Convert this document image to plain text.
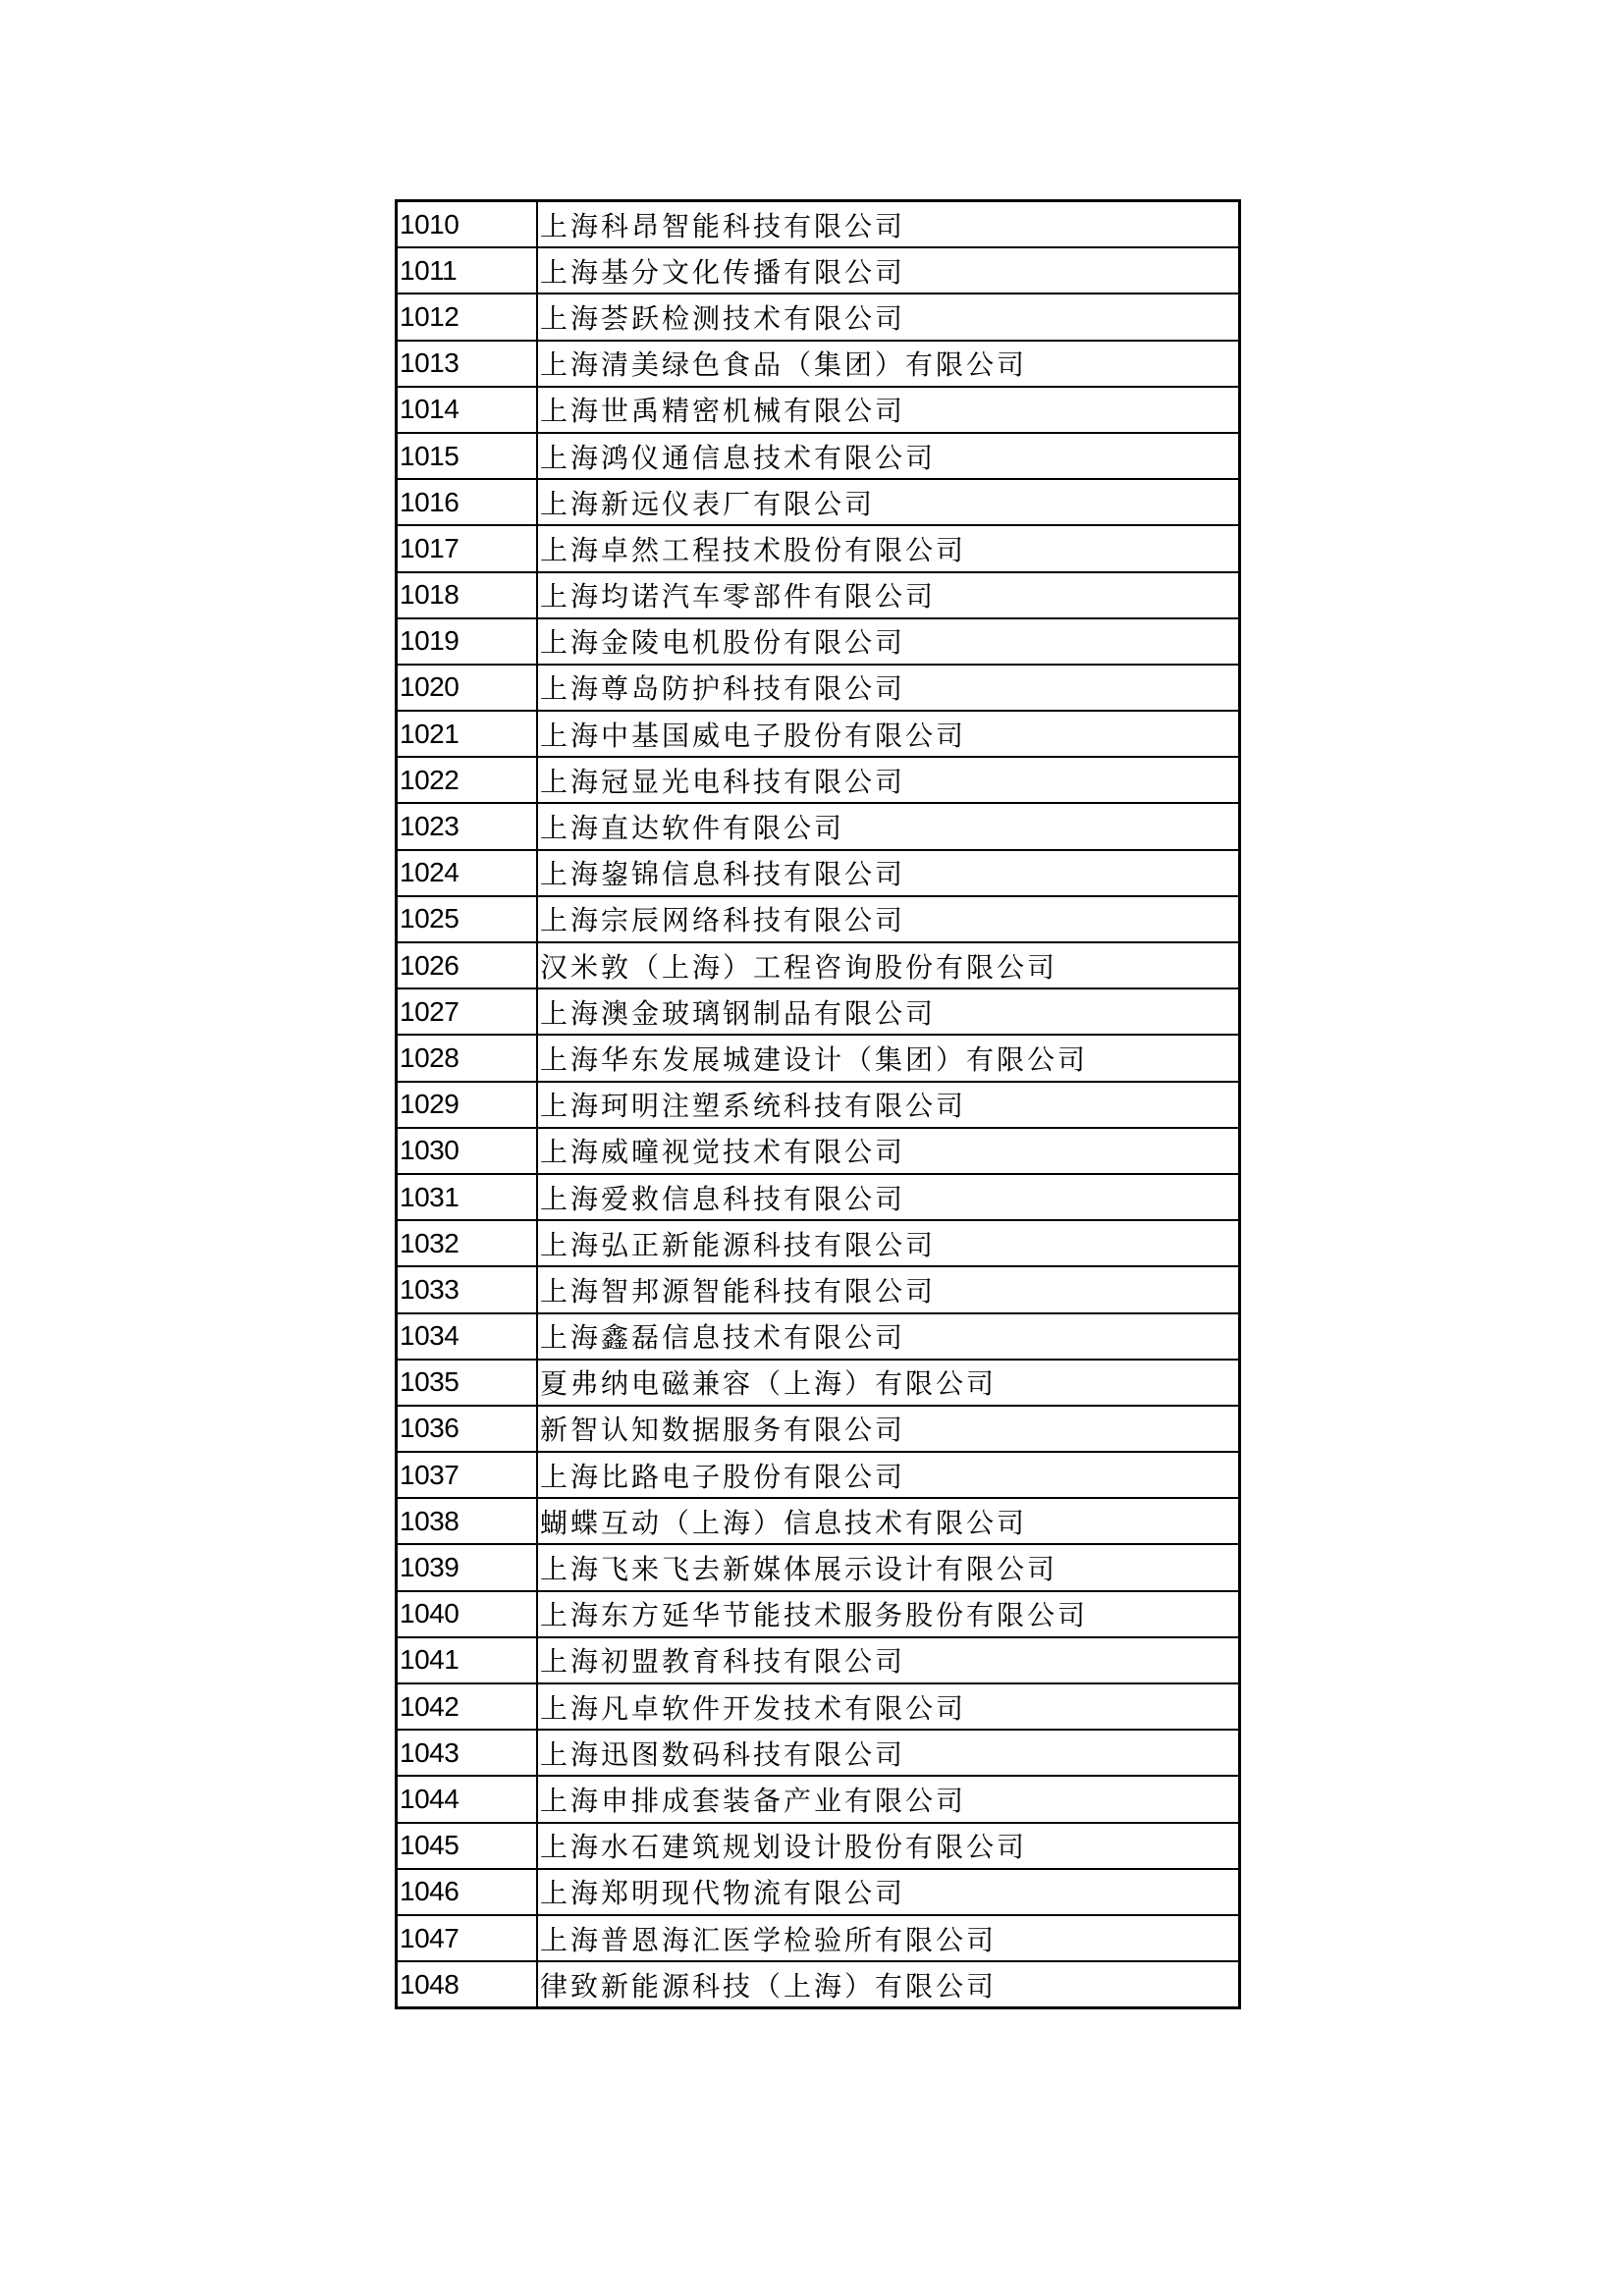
1010	上海科昂智能科技有限公司
1011	上海基分文化传播有限公司
1012	上海荟跃检测技术有限公司
1013	上海清美绿色食品（集团）有限公司
1014	上海世禹精密机械有限公司
1015	上海鸿仪通信息技术有限公司
1016	上海新远仪表厂有限公司
1017	上海卓然工程技术股份有限公司
1018	上海均诺汽车零部件有限公司
1019	上海金陵电机股份有限公司
1020	上海尊岛防护科技有限公司
1021	上海中基国威电子股份有限公司
1022	上海冠显光电科技有限公司
1023	上海直达软件有限公司
1024	上海鋆锦信息科技有限公司
1025	上海宗辰网络科技有限公司
1026	汉米敦（上海）工程咨询股份有限公司
1027	上海澳金玻璃钢制品有限公司
1028	上海华东发展城建设计（集团）有限公司
1029	上海珂明注塑系统科技有限公司
1030	上海威曈视觉技术有限公司
1031	上海爱救信息科技有限公司
1032	上海弘正新能源科技有限公司
1033	上海智邦源智能科技有限公司
1034	上海鑫磊信息技术有限公司
1035	夏弗纳电磁兼容（上海）有限公司
1036	新智认知数据服务有限公司
1037	上海比路电子股份有限公司
1038	蝴蝶互动（上海）信息技术有限公司
1039	上海飞来飞去新媒体展示设计有限公司
1040	上海东方延华节能技术服务股份有限公司
1041	上海初盟教育科技有限公司
1042	上海凡卓软件开发技术有限公司
1043	上海迅图数码科技有限公司
1044	上海申排成套装备产业有限公司
1045	上海水石建筑规划设计股份有限公司
1046	上海郑明现代物流有限公司
1047	上海普恩海汇医学检验所有限公司
1048	律致新能源科技（上海）有限公司
